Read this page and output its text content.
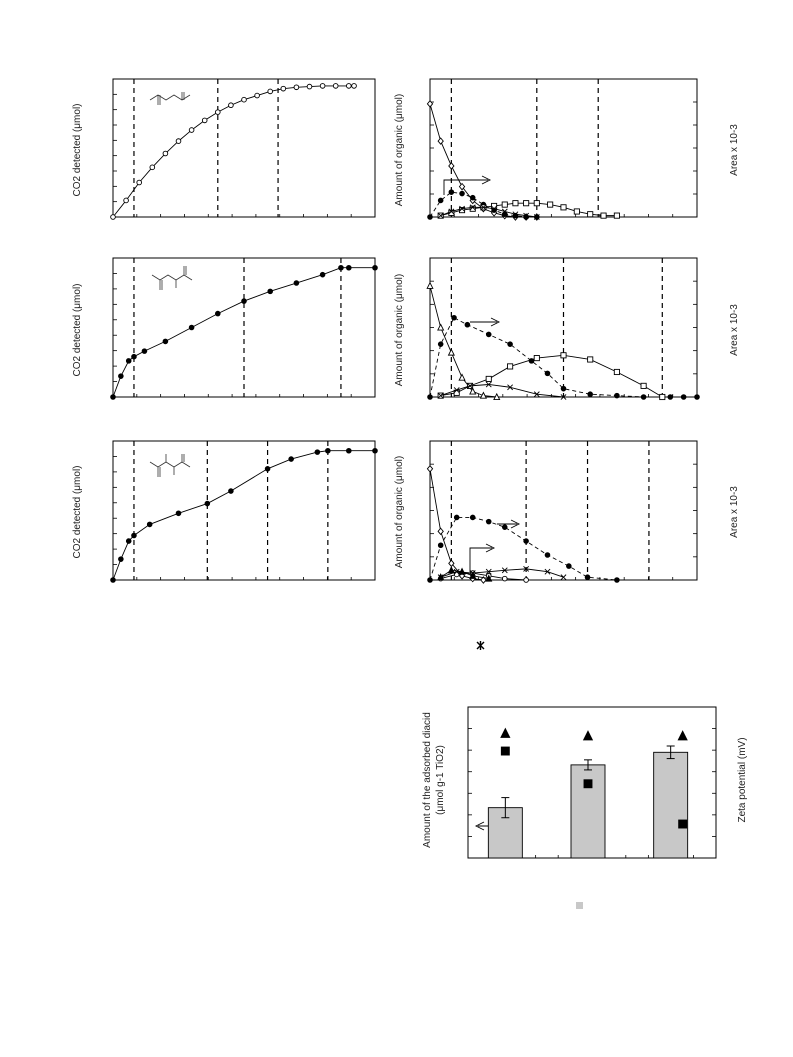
CO2 detected (μmol)
CO2 detected (μmol)
CO2 detected (μmol)
Amount of organic (μmol)
Amount of organic (μmol)
Amount of organic (μmol)
Area x 10-3
Area x 10-3
Area x 10-3
Amount of the adsorbed diacid (μmol g-1 TiO2)	Zeta potential (mV)
